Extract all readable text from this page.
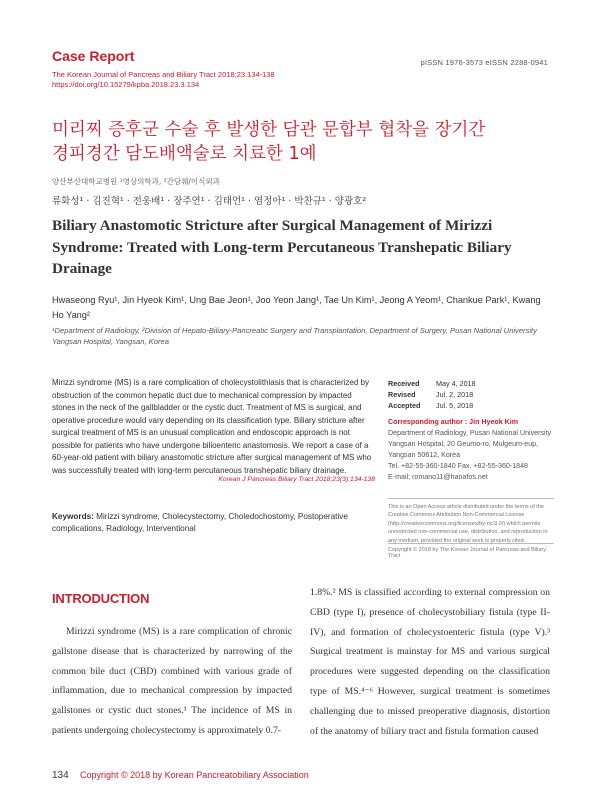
Case Report
The Korean Journal of Pancreas and Biliary Tract 2018;23:134-138
https://doi.org/10.15279/kpba.2018.23.3.134
pISSN 1976-3573 eISSN 2288-0941
미리찌 증후군 수술 후 발생한 담관 문합부 협착을 장기간
경피경간 담도배액술로 치료한 1예
양산부산대학교병원 ¹영상의학과, ²간담췌/이식외과
류화성¹ · 김진혁¹ · 전웅배¹ · 장주연¹ · 김태언¹ · 염정아¹ · 박찬규¹ · 양광호²
Biliary Anastomotic Stricture after Surgical Management of Mirizzi Syndrome: Treated with Long-term Percutaneous Transhepatic Biliary Drainage
Hwaseong Ryu¹, Jin Hyeok Kim¹, Ung Bae Jeon¹, Joo Yeon Jang¹, Tae Un Kim¹, Jeong A Yeom¹, Chankue Park¹, Kwang Ho Yang²
¹Department of Radiology, ²Division of Hepato-Biliary-Pancreatic Surgery and Transplantation, Department of Surgery, Pusan National University Yangsan Hospital, Yangsan, Korea
Mirizzi syndrome (MS) is a rare complication of cholecystolithiasis that is characterized by obstruction of the common hepatic duct due to mechanical compression by impacted stones in the neck of the gallbladder or the cystic duct. Treatment of MS is surgical, and operative procedure would vary depending on its classification type. Biliary stricture after surgical treatment of MS is an unusual complication and endoscopic approach is not possible for patients who have undergone bilioenteric anastomosis. We report a case of a 60-year-old patient with biliary anastomotic stricture after surgical management of MS who was successfully treated with long-term percutaneous transhepatic biliary drainage.
Korean J Pancreas Biliary Tract 2018;23(3):134-138
Keywords: Mirizzi syndrome, Cholecystectomy, Choledochostomy, Postoperative complications, Radiology, Interventional
Received	May 4, 2018
Revised	Jul. 2, 2018
Accepted	Jul. 5, 2018
Corresponding author : Jin Hyeok Kim
Department of Radiology, Pusan National University
Yangsan Hospital, 20 Geumo-ro, Mulgeum-eup,
Yangsan 50612, Korea
Tel. +82-55-360-1840 Fax. +82-55-360-1848
E-mail; romano11@hanafos.net
This is an Open Access article distributed under the terms of the Creative Commons Attribution Non-Commercial License (http://creativecommons.org/licenses/by-nc/3.0/) which permits unrestricted non-commercial use, distribution, and reproduction in any medium, provided the original work is properly cited.
Copyright © 2018 by The Korean Journal of Pancreas and Biliary Tract
INTRODUCTION

Mirizzi syndrome (MS) is a rare complication of chronic gallstone disease that is characterized by narrowing of the common bile duct (CBD) combined with various grade of inflammation, due to mechanical compression by impacted gallstones or cystic duct stones.¹ The incidence of MS in patients undergoing cholecystectomy is approximately 0.7-

1.8%.² MS is classified according to external compression on CBD (type I), presence of cholecystobiliary fistula (type II-IV), and formation of cholecystoenteric fistula (type V).³ Surgical treatment is mainstay for MS and various surgical procedures were suggested depending on the classification type of MS.⁴⁻⁶ However, surgical treatment is sometimes challenging due to missed preoperative diagnosis, distortion of the anatomy of biliary tract and fistula formation caused

134 Copyright © 2018 by Korean Pancreatobiliary Association
